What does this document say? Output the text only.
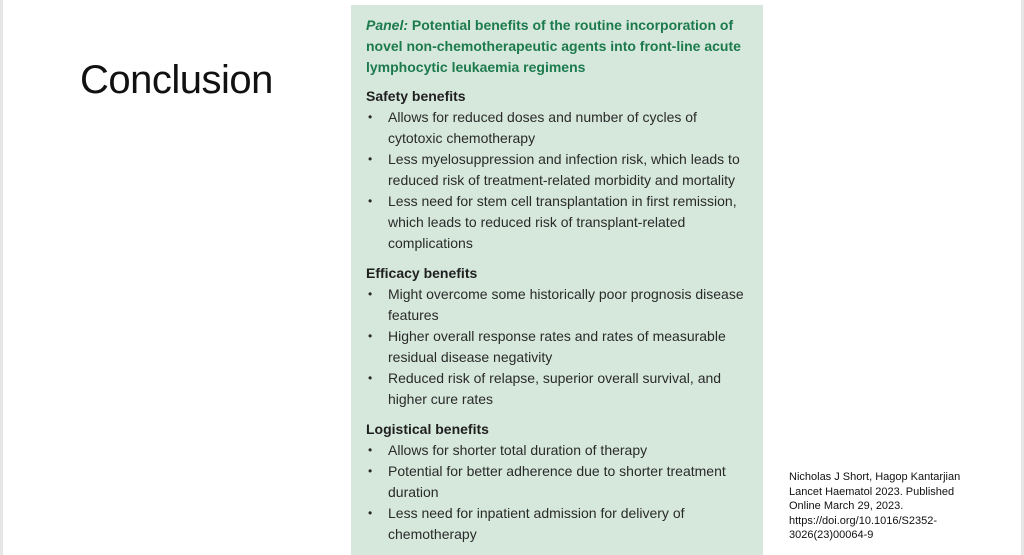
Conclusion
Panel: Potential benefits of the routine incorporation of novel non-chemotherapeutic agents into front-line acute lymphocytic leukaemia regimens
Safety benefits
• Allows for reduced doses and number of cycles of cytotoxic chemotherapy
• Less myelosuppression and infection risk, which leads to reduced risk of treatment-related morbidity and mortality
• Less need for stem cell transplantation in first remission, which leads to reduced risk of transplant-related complications
Efficacy benefits
• Might overcome some historically poor prognosis disease features
• Higher overall response rates and rates of measurable residual disease negativity
• Reduced risk of relapse, superior overall survival, and higher cure rates
Logistical benefits
• Allows for shorter total duration of therapy
• Potential for better adherence due to shorter treatment duration
• Less need for inpatient admission for delivery of chemotherapy
Nicholas J Short, Hagop Kantarjian
Lancet Haematol 2023. Published
Online March 29, 2023.
https://doi.org/10.1016/S2352-
3026(23)00064-9
